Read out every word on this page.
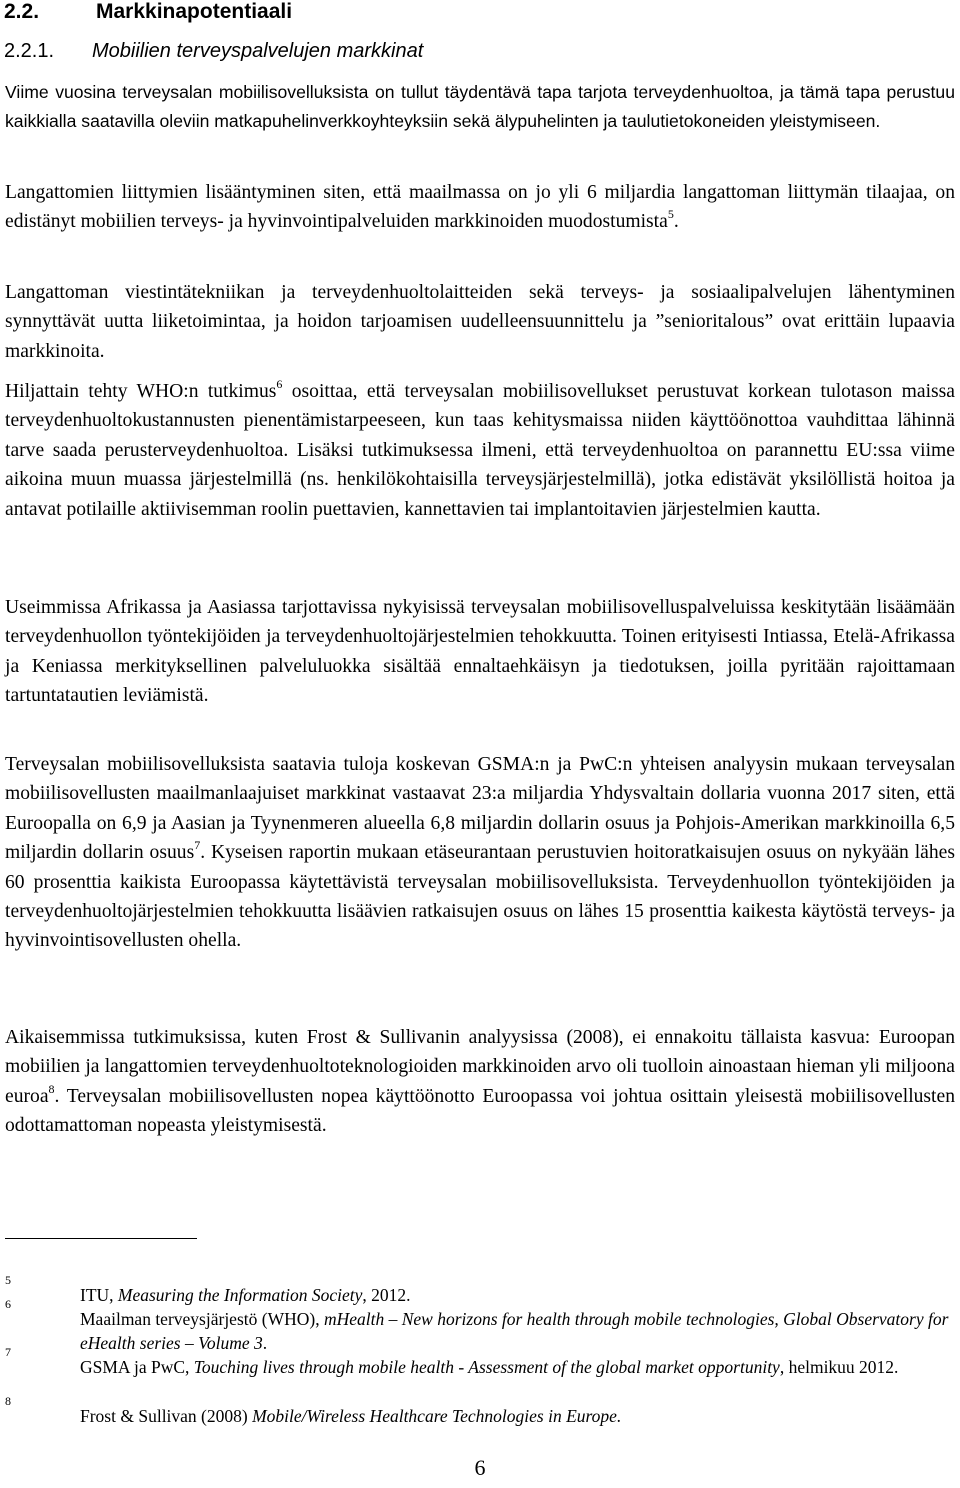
2.2.	Markkinapotentiaali
2.2.1. Mobiilien terveyspalvelujen markkinat
Viime vuosina terveysalan mobiilisovelluksista on tullut täydentävä tapa tarjota terveydenhuoltoa, ja tämä tapa perustuu kaikkialla saatavilla oleviin matkapuhelinverkkoyhteyksiin sekä älypuhelinten ja taulutietokoneiden yleistymiseen.
Langattomien liittymien lisääntyminen siten, että maailmassa on jo yli 6 miljardia langattoman liittymän tilaajaa, on edistänyt mobiilien terveys- ja hyvinvointipalveluiden markkinoiden muodostumista$^5$.
Langattoman viestintätekniikan ja terveydenhuoltolaitteiden sekä terveys- ja sosiaalipalvelujen lähentyminen synnyttävät uutta liiketoimintaa, ja hoidon tarjoamisen uudelleensuunnittelu ja ”senioritalous” ovat erittäin lupaavia markkinoita.
Hiljattain tehty WHO:n tutkimus$^6$ osoittaa, että terveysalan mobiilisovellukset perustuvat korkean tulotason maissa terveydenhuoltokustannusten pienentämistarpeeseen, kun taas kehitysmaissa niiden käyttöönottoa vauhdittaa lähinnä tarve saada perusterveydenhuoltoa. Lisäksi tutkimuksessa ilmeni, että terveydenhuoltoa on parannettu EU:ssa viime aikoina muun muassa järjestelmillä (ns. henkilökohtaisilla terveysjärjestelmillä), jotka edistävät yksilöllistä hoitoa ja antavat potilaille aktiivisemman roolin puettavien, kannettavien tai implantoitavien järjestelmien kautta.
Useimmissa Afrikassa ja Aasiassa tarjottavissa nykyisissä terveysalan mobiilisovelluspalveluissa keskitytään lisäämään terveydenhuollon työntekijöiden ja terveydenhuoltojärjestelmien tehokkuutta. Toinen erityisesti Intiassa, Etelä-Afrikassa ja Keniassa merkityksellinen palveluluokka sisältää ennaltaehkäisyn ja tiedotuksen, joilla pyritään rajoittamaan tartuntatautien leviämistä.
Terveysalan mobiilisovelluksista saatavia tuloja koskevan GSMA:n ja PwC:n yhteisen analyysin mukaan terveysalan mobiilisovellusten maailmanlaajuiset markkinat vastaavat 23:a miljardia Yhdysvaltain dollaria vuonna 2017 siten, että Euroopalla on 6,9 ja Aasian ja Tyynenmeren alueella 6,8 miljardin dollarin osuus ja Pohjois-Amerikan markkinoilla 6,5 miljardin dollarin osuus$^7$. Kyseisen raportin mukaan etäseurantaan perustuvien hoitoratkaisujen osuus on nykyään lähes 60 prosenttia kaikista Euroopassa käytettävistä terveysalan mobiilisovelluksista. Terveydenhuollon työntekijöiden ja terveydenhuoltojärjestelmien tehokkuutta lisäävien ratkaisujen osuus on lähes 15 prosenttia kaikesta käytöstä terveys- ja hyvinvointisovellusten ohella.
Aikaisemmissa tutkimuksissa, kuten Frost & Sullivanin analyysissa (2008), ei ennakoitu tällaista kasvua: Euroopan mobiilien ja langattomien terveydenhuoltoteknologioiden markkinoiden arvo oli tuolloin ainoastaan hieman yli miljoona euroa$^8$. Terveysalan mobiilisovellusten nopea käyttöönotto Euroopassa voi johtua osittain yleisestä mobiilisovellusten odottamattoman nopeasta yleistymisestä.
5
ITU, Measuring the Information Society, 2012.
6
Maailman terveysjärjestö (WHO), mHealth – New horizons for health through mobile technologies, Global Observatory for eHealth series – Volume 3.
7
GSMA ja PwC, Touching lives through mobile health - Assessment of the global market opportunity, helmikuu 2012.
8
Frost & Sullivan (2008) Mobile/Wireless Healthcare Technologies in Europe.
6
